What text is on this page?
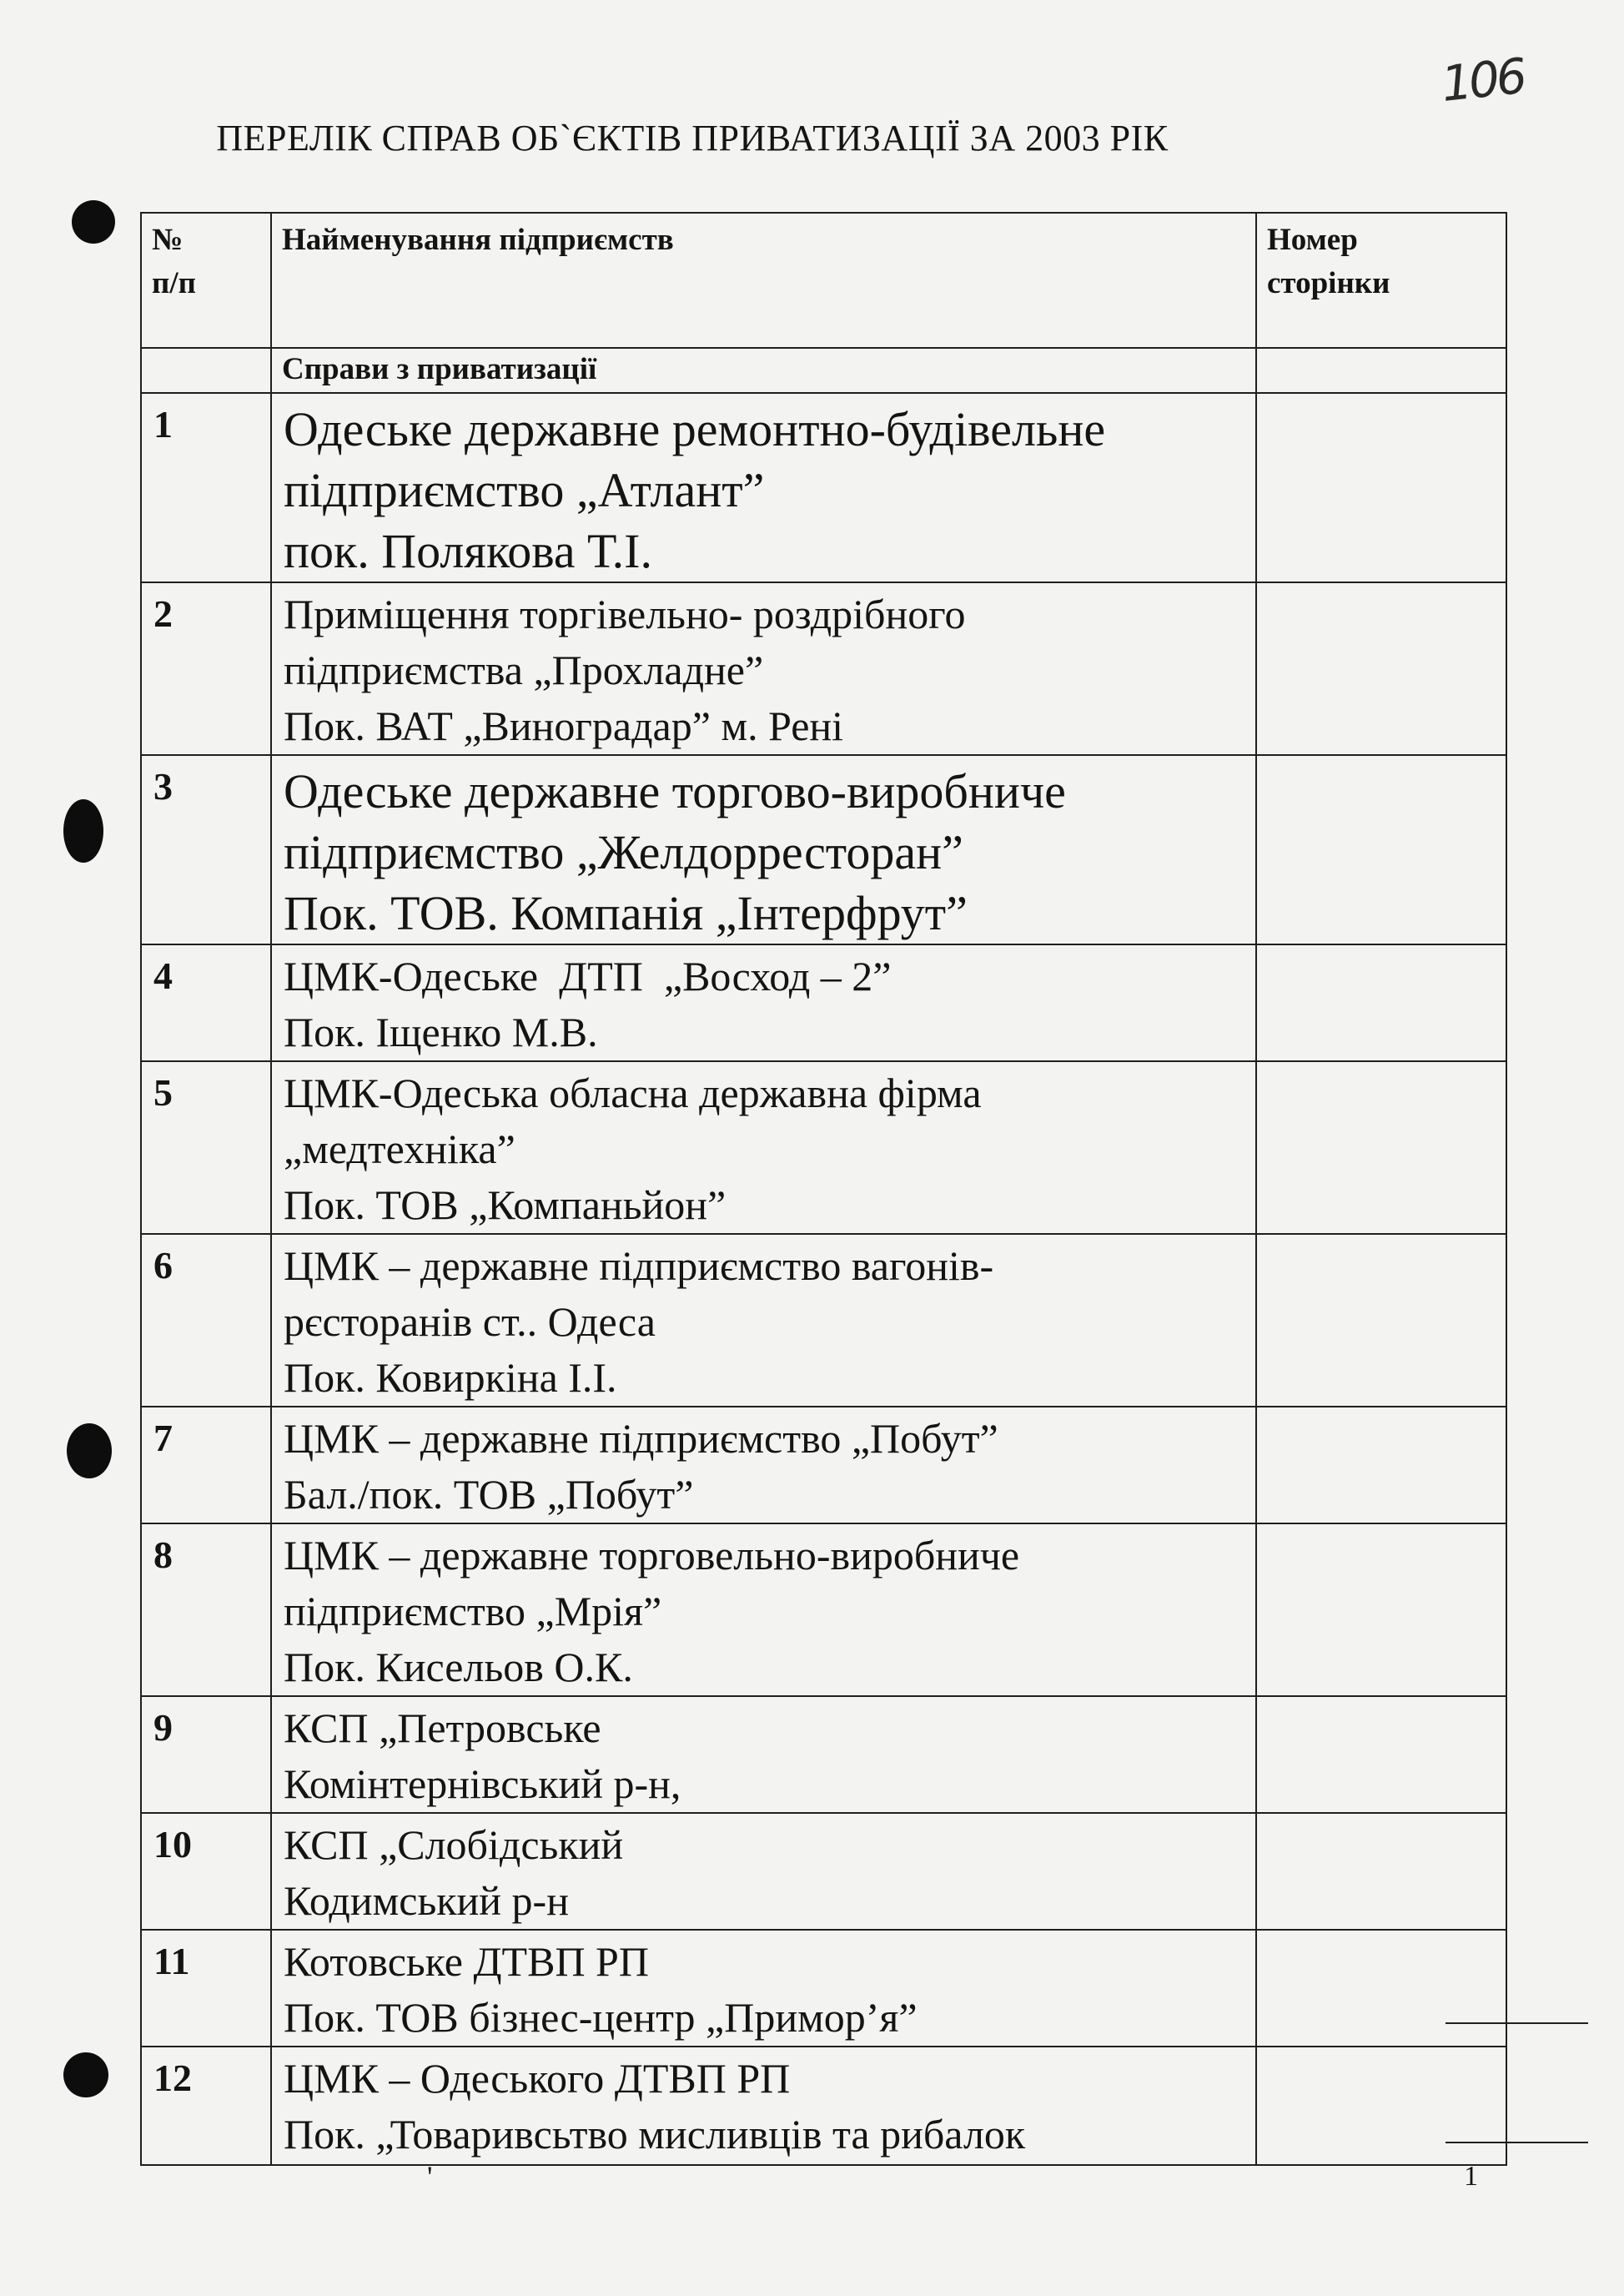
106
ПЕРЕЛІК СПРАВ ОБ`ЄКТІВ ПРИВАТИЗАЦІЇ ЗА 2003 РІК
№
п/п	Найменування підприємств	Номер
сторінки

	Справи з приватизації	
1	Одеське державне ремонтно-будівельне
підприємство „Атлант”
пок. Полякова Т.І.	

2	Приміщення торгівельно- роздрібного
підприємства „Прохладне”
Пок. ВАТ „Виноградар” м. Рені	

3	Одеське державне торгово-виробниче
підприємство „Желдорресторан”
Пок. ТОВ. Компанія „Інтерфрут”	

4	ЦМК-Одеське  ДТП  „Восход – 2”
Пок. Іщенко М.В.	

5	ЦМК-Одеська обласна державна фірма
„медтехніка”
Пок. ТОВ „Компаньйон”	

6	ЦМК – державне підприємство вагонів-
рєсторанів ст.. Одеса
Пок. Ковиркіна І.І.	

7	ЦМК – державне підприємство „Побут”
Бал./пок. ТОВ „Побут”	

8	ЦМК – державне торговельно-виробниче
підприємство „Мрія”
Пок. Кисельов О.К.	

9	КСП „Петровське
Комінтернівський р-н,	

10	КСП „Слобідський
Кодимський р-н	

11	Котовське ДТВП РП
Пок. ТОВ бізнес-центр „Примор’я”	

12	ЦМК – Одеського ДТВП РП
Пок. „Товаривсьтво мисливців та рибалок	

'	1
